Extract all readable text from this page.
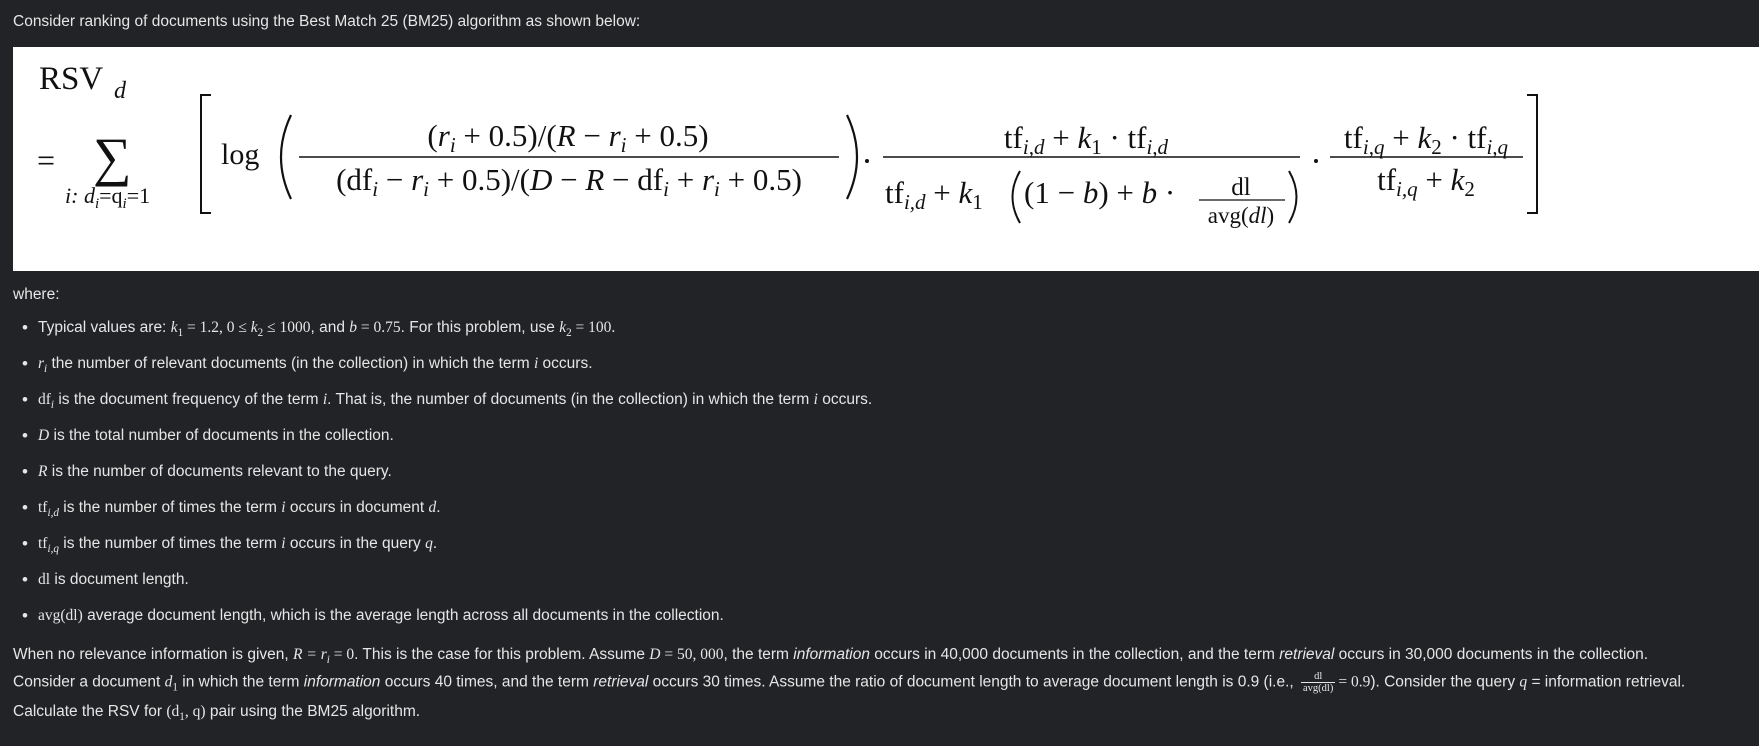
Consider ranking of documents using the Best Match 25 (BM25) algorithm as shown below:
RSV d
= ∑
i: $d_i=q_i=1$
log
(ri + 0.5)/(R − ri + 0.5)
(dfi − ri + 0.5)/(D − R − dfi + ri + 0.5)
tfi,d + k1 · tfi,d
tfi,d + k1 (1 − b) + b · dl
avg(dl)
tfi,q + k2 · tfi,q
tfi,q + k2
where:
• Typical values are: $k_1 = 1.2$, $0 \le k_2 \le 1000$, and b = 0.75. For this problem, use $k_2 = 100$.
• $r_i$ the number of relevant documents (in the collection) in which the term i occurs.
• $df_i$ is the document frequency of the term i. That is, the number of documents (in the collection) in which the term i occurs.
• D is the total number of documents in the collection.
• R is the number of documents relevant to the query.
• $tf_{i,d}$ is the number of times the term i occurs in document d.
• $tf_{i,q}$ is the number of times the term i occurs in the query q.
• dl is document length.
• avg(dl) average document length, which is the average length across all documents in the collection.
When no relevance information is given, $R = r_i = 0$. This is the case for this problem. Assume D = 50, 000, the term information occurs in 40,000 documents in the collection, and the term retrieval occurs in 30,000 documents in the collection.
Consider a document $d_1$ in which the term information occurs 40 times, and the term retrieval occurs 30 times. Assume the ratio of document length to average document length is 0.9 (i.e., $\frac{dl}{\text{avg(dl)}} = 0.9$). Consider the query q = information retrieval.
Calculate the RSV for ($d_1$, q) pair using the BM25 algorithm.
